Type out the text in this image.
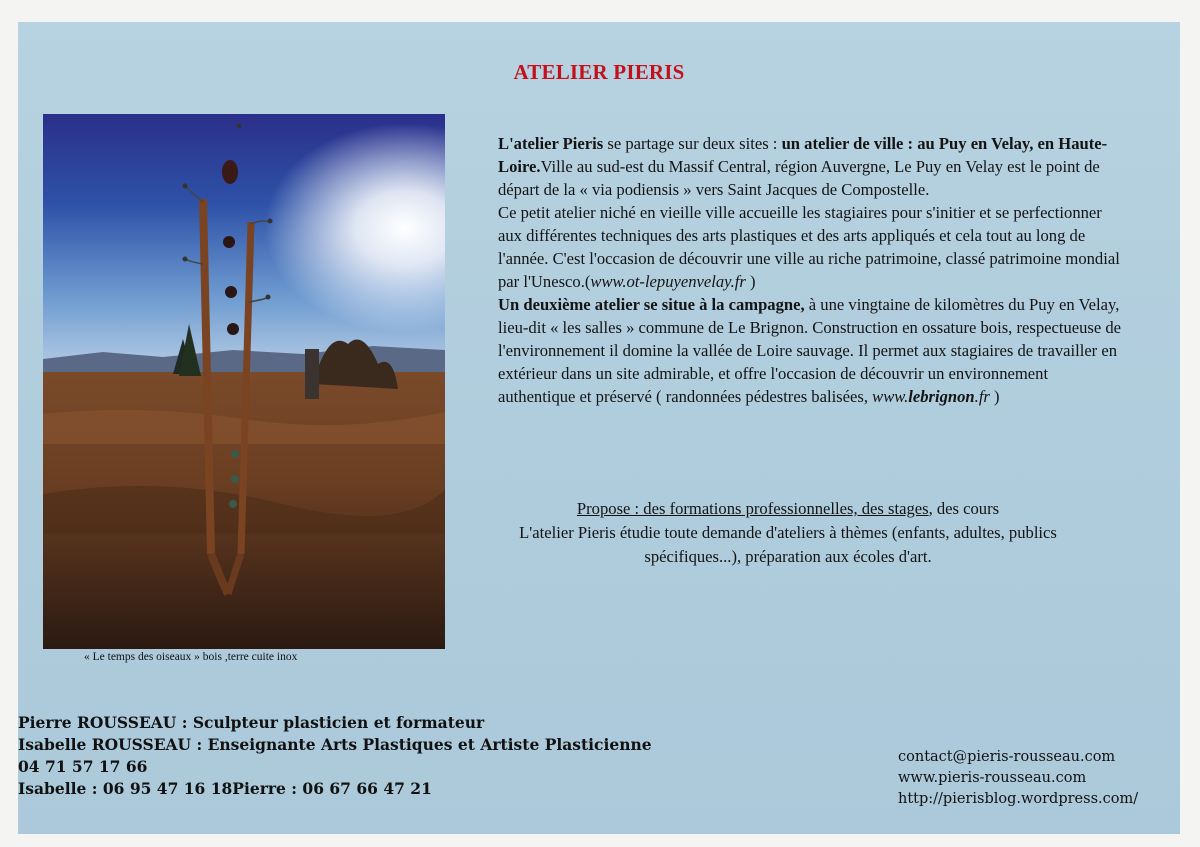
ATELIER PIERIS
« Le temps des oiseaux » bois ,terre cuite inox

L'atelier Pieris se partage sur deux sites : un atelier de ville : au Puy en Velay, en Haute-Loire.Ville au sud-est du Massif Central, région Auvergne, Le Puy en Velay est le point de départ de la « via podiensis » vers Saint Jacques de Compostelle.

Ce petit atelier niché en vieille ville accueille les stagiaires pour s'initier et se perfectionner aux différentes techniques des arts plastiques et des arts appliqués et cela tout au long de l'année. C'est l'occasion de découvrir une ville au riche patrimoine, classé patrimoine mondial par l'Unesco.(www.ot-lepuyenvelay.fr )

Un deuxième atelier se situe à la campagne, à une vingtaine de kilomètres du Puy en Velay, lieu-dit « les salles » commune de Le Brignon. Construction en ossature bois, respectueuse de l'environnement il domine la vallée de Loire sauvage. Il permet aux stagiaires de travailler en extérieur dans un site admirable, et offre l'occasion de découvrir un environnement authentique et préservé ( randonnées pédestres balisées, www.lebrignon.fr )

Propose : des formations professionnelles, des stages, des cours

L'atelier Pieris étudie toute demande d'ateliers à thèmes (enfants, adultes, publics spécifiques...), préparation aux écoles d'art.

Pierre ROUSSEAU : Sculpteur plasticien et formateur
Isabelle ROUSSEAU : Enseignante Arts Plastiques et Artiste Plasticienne
04 71 57 17 66
Isabelle : 06 95 47 16 18Pierre : 06 67 66 47 21
contact@pieris-rousseau.com
www.pieris-rousseau.com
http://pierisblog.wordpress.com/
